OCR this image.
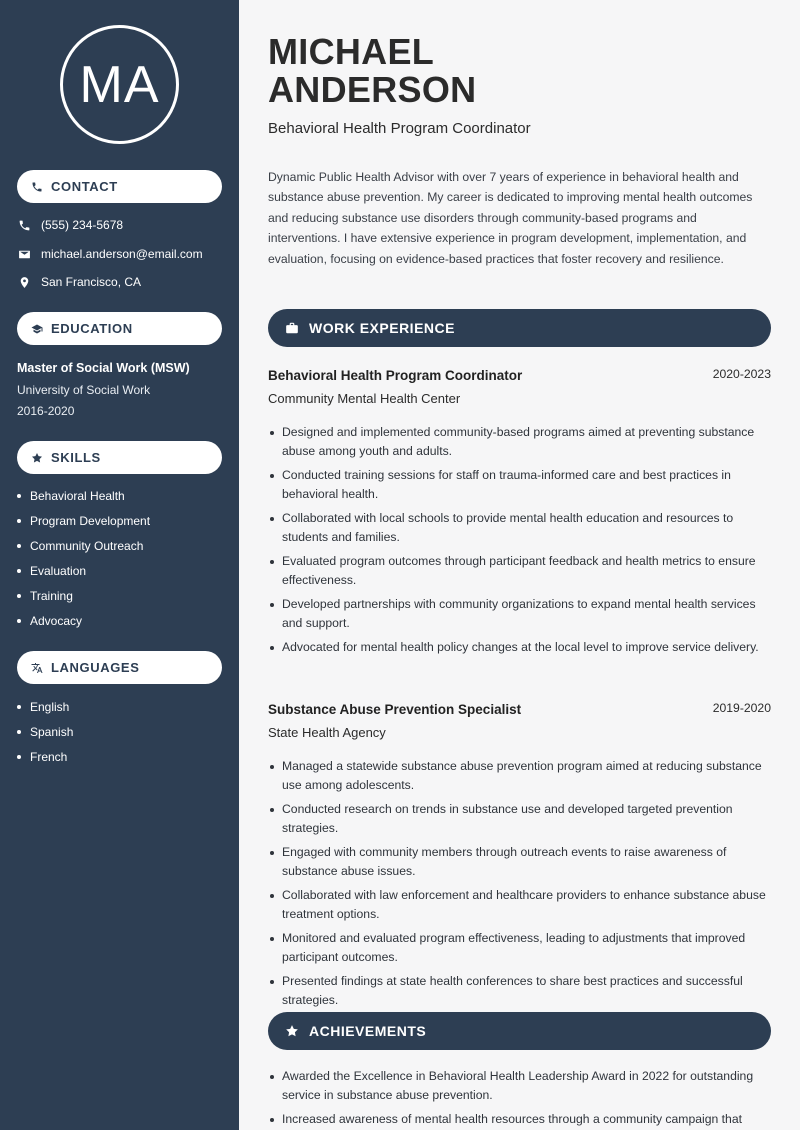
MA
CONTACT
(555) 234-5678
michael.anderson@email.com
San Francisco, CA
EDUCATION
Master of Social Work (MSW)
University of Social Work
2016-2020
SKILLS
Behavioral Health
Program Development
Community Outreach
Evaluation
Training
Advocacy
LANGUAGES
English
Spanish
French
MICHAEL
ANDERSON
Behavioral Health Program Coordinator

Dynamic Public Health Advisor with over 7 years of experience in behavioral health and substance abuse prevention. My career is dedicated to improving mental health outcomes and reducing substance use disorders through community-based programs and interventions. I have extensive experience in program development, implementation, and evaluation, focusing on evidence-based practices that foster recovery and resilience.

WORK EXPERIENCE
Behavioral Health Program Coordinator	2020-2023
Community Mental Health Center
Designed and implemented community-based programs aimed at preventing substance abuse among youth and adults.
Conducted training sessions for staff on trauma-informed care and best practices in behavioral health.
Collaborated with local schools to provide mental health education and resources to students and families.
Evaluated program outcomes through participant feedback and health metrics to ensure effectiveness.
Developed partnerships with community organizations to expand mental health services and support.
Advocated for mental health policy changes at the local level to improve service delivery.
Substance Abuse Prevention Specialist	2019-2020
State Health Agency
Managed a statewide substance abuse prevention program aimed at reducing substance use among adolescents.
Conducted research on trends in substance use and developed targeted prevention strategies.
Engaged with community members through outreach events to raise awareness of substance abuse issues.
Collaborated with law enforcement and healthcare providers to enhance substance abuse treatment options.
Monitored and evaluated program effectiveness, leading to adjustments that improved participant outcomes.
Presented findings at state health conferences to share best practices and successful strategies.
ACHIEVEMENTS
Awarded the Excellence in Behavioral Health Leadership Award in 2022 for outstanding service in substance abuse prevention.
Increased awareness of mental health resources through a community campaign that
